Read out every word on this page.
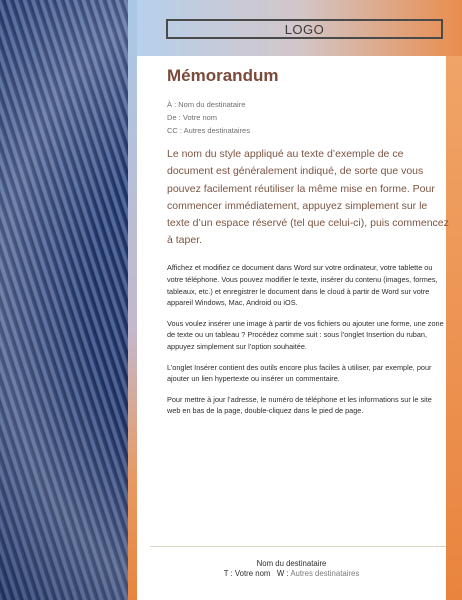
LOGO
Mémorandum
À : Nom du destinataire
De : Votre nom
CC : Autres destinataires
Le nom du style appliqué au texte d’exemple de ce document est généralement indiqué, de sorte que vous pouvez facilement réutiliser la même mise en forme. Pour commencer immédiatement, appuyez simplement sur le texte d’un espace réservé (tel que celui-ci), puis commencez à taper.

Affichez et modifiez ce document dans Word sur votre ordinateur, votre tablette ou votre téléphone. Vous pouvez modifier le texte, insérer du contenu (images, formes, tableaux, etc.) et enregistrer le document dans le cloud à partir de Word sur votre appareil Windows, Mac, Android ou iOS.

Vous voulez insérer une image à partir de vos fichiers ou ajouter une forme, une zone de texte ou un tableau ? Procédez comme suit : sous l’onglet Insertion du ruban, appuyez simplement sur l’option souhaitée.

L’onglet Insérer contient des outils encore plus faciles à utiliser, par exemple, pour ajouter un lien hypertexte ou insérer un commentaire.

Pour mettre à jour l’adresse, le numéro de téléphone et les informations sur le site web en bas de la page, double-cliquez dans le pied de page.

Nom du destinataire
T : Votre nom W : Autres destinataires
